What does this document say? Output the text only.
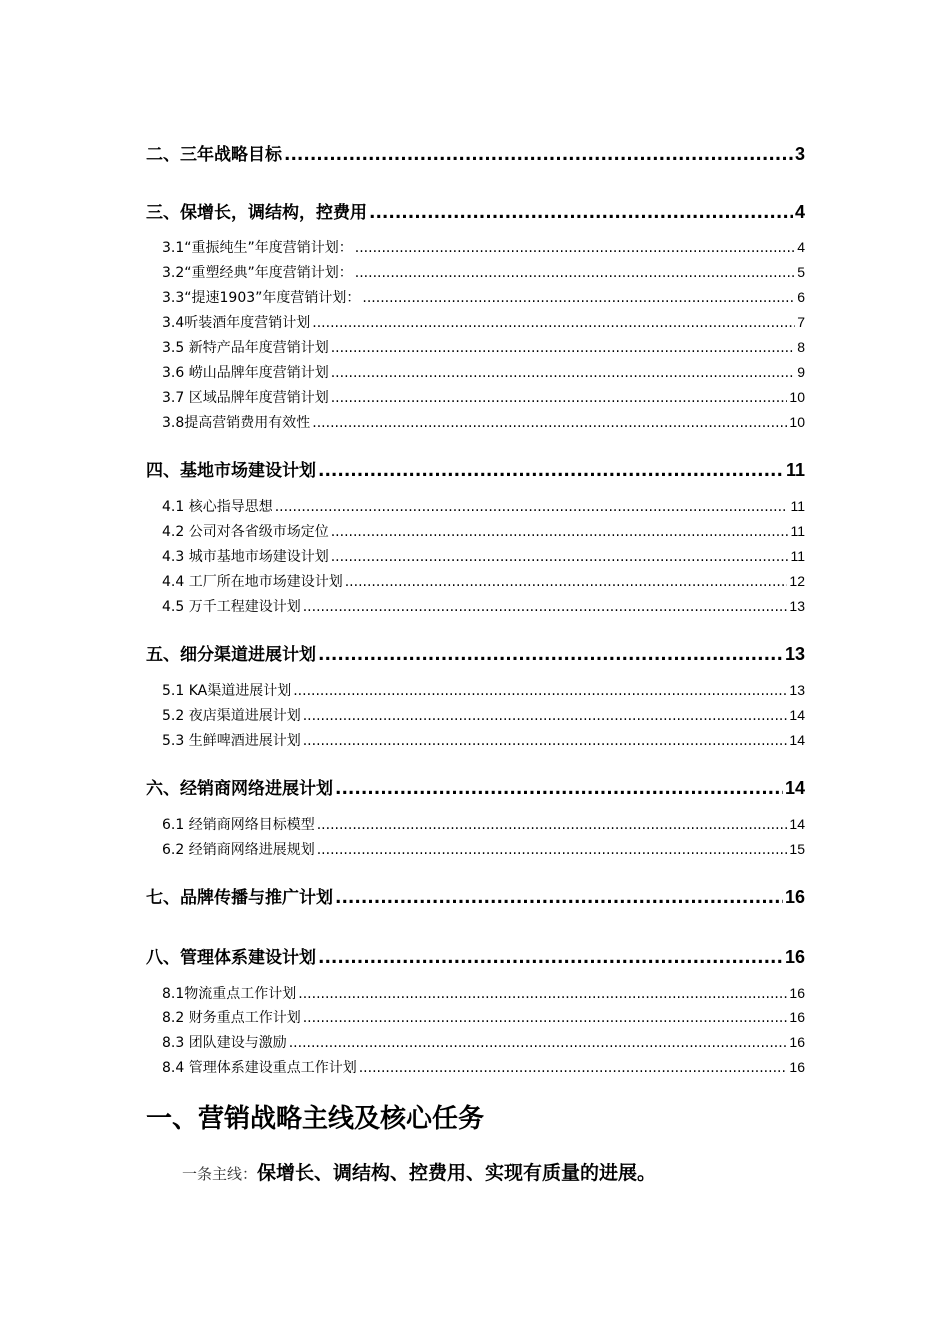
二、三年战略目标 .....	3
三、保增长，调结构，控费用 .....	4
3.1“重振纯生”年度营销计划： .....	4
3.2“重塑经典”年度营销计划： .....	5
3.3“提速1903”年度营销计划： .....	6
3.4听装酒年度营销计划 .....	7
3.5 新特产品年度营销计划 .....	8
3.6 崂山品牌年度营销计划 .....	9
3.7 区域品牌年度营销计划 .....	10
3.8提高营销费用有效性 .....	10
四、基地市场建设计划 .....	11
4.1 核心指导思想 .....	11
4.2 公司对各省级市场定位 .....	11
4.3 城市基地市场建设计划 .....	11
4.4 工厂所在地市场建设计划 .....	12
4.5 万千工程建设计划 .....	13
五、细分渠道进展计划 .....	13
5.1 KA渠道进展计划 .....	13
5.2 夜店渠道进展计划 .....	14
5.3 生鲜啤酒进展计划 .....	14
六、经销商网络进展计划 .....	14
6.1 经销商网络目标模型 .....	14
6.2 经销商网络进展规划 .....	15
七、品牌传播与推广计划 .....	16
八、管理体系建设计划 .....	16
8.1物流重点工作计划 .....	16
8.2 财务重点工作计划 .....	16
8.3 团队建设与激励 .....	16
8.4 管理体系建设重点工作计划 .....	16
一、营销战略主线及核心任务

一条主线：保增长、调结构、控费用、实现有质量的进展。
